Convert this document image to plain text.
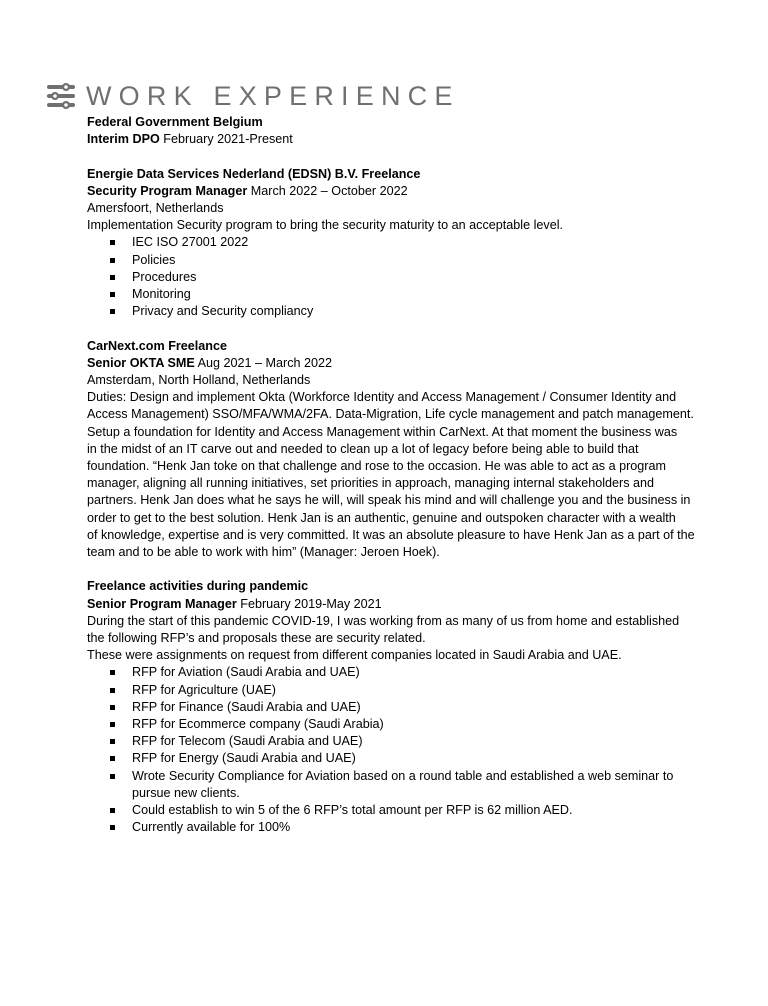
WORK EXPERIENCE
Federal Government Belgium
Interim DPO February 2021-Present
Energie Data Services Nederland (EDSN) B.V. Freelance
Security Program Manager March 2022 – October 2022
Amersfoort, Netherlands
Implementation Security program to bring the security maturity to an acceptable level.
IEC ISO 27001 2022
Policies
Procedures
Monitoring
Privacy and Security compliancy
CarNext.com Freelance
Senior OKTA SME Aug 2021 – March 2022
Amsterdam, North Holland, Netherlands
Duties: Design and implement Okta (Workforce Identity and Access Management / Consumer Identity and
Access Management) SSO/MFA/WMA/2FA. Data-Migration, Life cycle management and patch management.
Setup a foundation for Identity and Access Management within CarNext. At that moment the business was
in the midst of an IT carve out and needed to clean up a lot of legacy before being able to build that
foundation. “Henk Jan toke on that challenge and rose to the occasion. He was able to act as a program
manager, aligning all running initiatives, set priorities in approach, managing internal stakeholders and
partners. Henk Jan does what he says he will, will speak his mind and will challenge you and the business in
order to get to the best solution. Henk Jan is an authentic, genuine and outspoken character with a wealth
of knowledge, expertise and is very committed. It was an absolute pleasure to have Henk Jan as a part of the
team and to be able to work with him” (Manager: Jeroen Hoek).
Freelance activities during pandemic
Senior Program Manager February 2019-May 2021
During the start of this pandemic COVID-19, I was working from as many of us from home and established
the following RFP’s and proposals these are security related.
These were assignments on request from different companies located in Saudi Arabia and UAE.
RFP for Aviation (Saudi Arabia and UAE)
RFP for Agriculture (UAE)
RFP for Finance (Saudi Arabia and UAE)
RFP for Ecommerce company (Saudi Arabia)
RFP for Telecom (Saudi Arabia and UAE)
RFP for Energy (Saudi Arabia and UAE)
Wrote Security Compliance for Aviation based on a round table and established a web seminar to pursue new clients.
Could establish to win 5 of the 6 RFP’s total amount per RFP is 62 million AED.
Currently available for 100%
